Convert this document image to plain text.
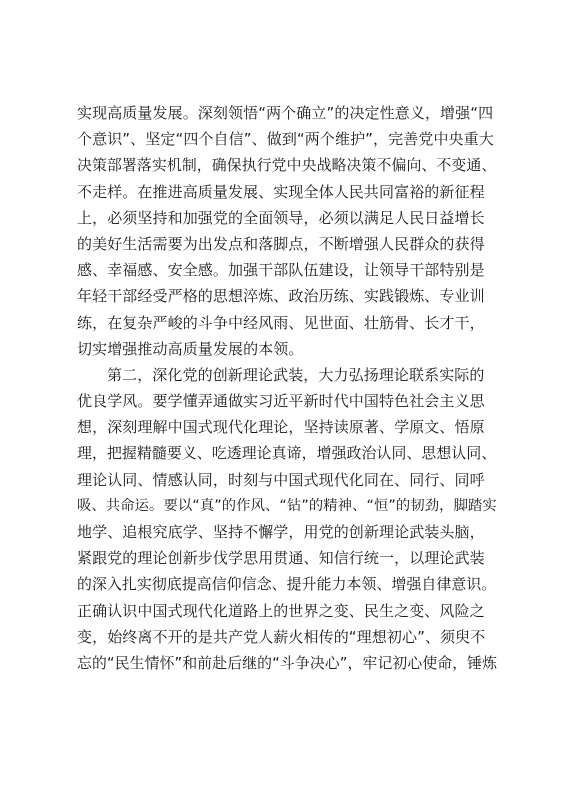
实现高质量发展。深刻领悟“两个确立”的决定性意义，增强“四
个意识”、坚定“四个自信”、做到“两个维护”，完善党中央重大
决策部署落实机制，确保执行党中央战略决策不偏向、不变通、
不走样。在推进高质量发展、实现全体人民共同富裕的新征程
上，必须坚持和加强党的全面领导，必须以满足人民日益增长
的美好生活需要为出发点和落脚点，不断增强人民群众的获得
感、幸福感、安全感。加强干部队伍建设，让领导干部特别是
年轻干部经受严格的思想淬炼、政治历练、实践锻炼、专业训
练，在复杂严峻的斗争中经风雨、见世面、壮筋骨、长才干，
切实增强推动高质量发展的本领。
第二，深化党的创新理论武装，大力弘扬理论联系实际的
优良学风。要学懂弄通做实习近平新时代中国特色社会主义思
想，深刻理解中国式现代化理论，坚持读原著、学原文、悟原
理，把握精髓要义、吃透理论真谛，增强政治认同、思想认同、
理论认同、情感认同，时刻与中国式现代化同在、同行、同呼
吸、共命运。要以“真”的作风、“钻”的精神、“恒”的韧劲，脚踏实
地学、追根究底学、坚持不懈学，用党的创新理论武装头脑，
紧跟党的理论创新步伐学思用贯通、知信行统一，以理论武装
的深入扎实彻底提高信仰信念、提升能力本领、增强自律意识。
正确认识中国式现代化道路上的世界之变、民生之变、风险之
变，始终离不开的是共产党人薪火相传的“理想初心”、须臾不
忘的“民生情怀”和前赴后继的“斗争决心”，牢记初心使命，锤炼
